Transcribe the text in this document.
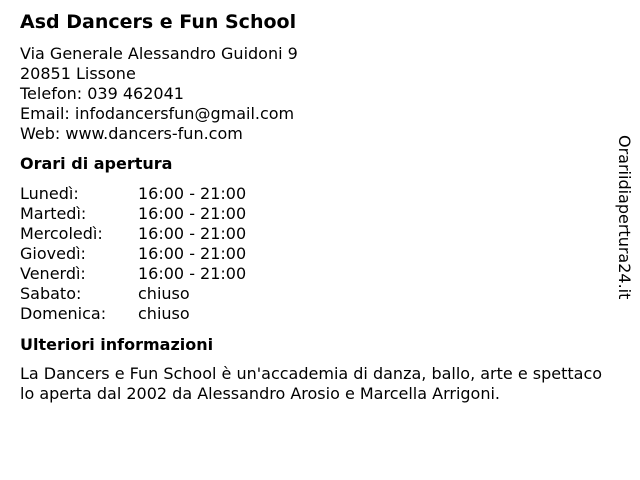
Asd Dancers e Fun School
Via Generale Alessandro Guidoni 9
20851 Lissone
Telefon: 039 462041
Email: infodancersfun@gmail.com
Web: www.dancers-fun.com
Orari di apertura
Lunedì:	16:00 - 21:00
Martedì:	16:00 - 21:00
Mercoledì:	16:00 - 21:00
Giovedì:	16:00 - 21:00
Venerdì:	16:00 - 21:00
Sabato:	chiuso
Domenica:	chiuso
Ulteriori informazioni
La Dancers e Fun School è un'accademia di danza, ballo, arte e spettacolo aperta dal 2002 da Alessandro Arosio e Marcella Arrigoni.
Orariidiapertura24.it
